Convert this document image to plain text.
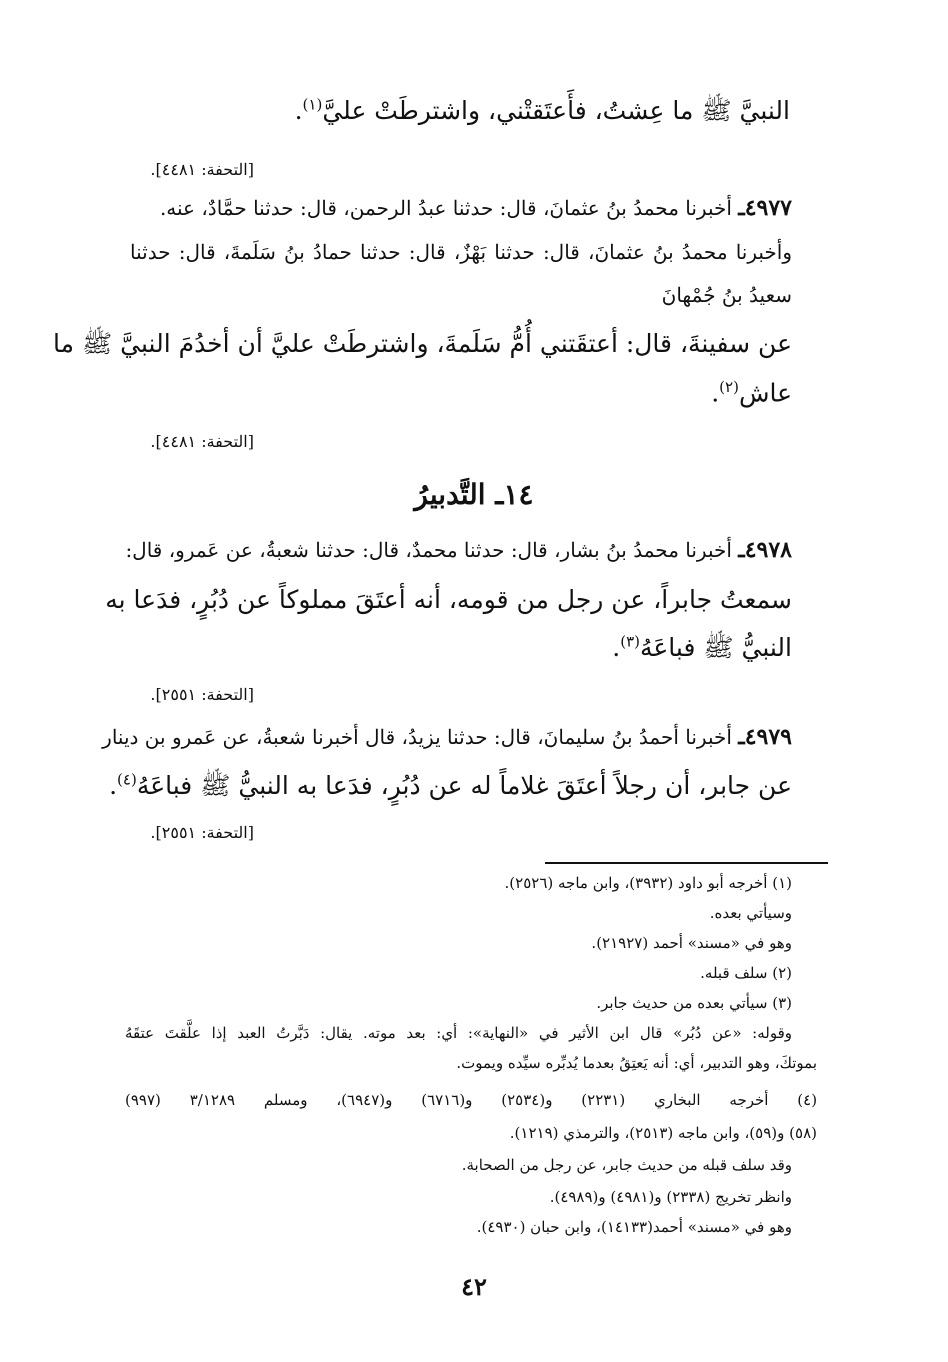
النبيَّ ﷺ ما عِشتُ، فأَعتَقتْني، واشترطَتْ عليَّ$^{(١)}$.
[التحفة: ٤٤٨١].
٤٩٧٧ـ أخبرنا محمدُ بنُ عثمانَ، قال: حدثنا عبدُ الرحمن، قال: حدثنا حمَّادٌ، عنه.
وأخبرنا محمدُ بنُ عثمانَ، قال: حدثنا بَهْزٌ، قال: حدثنا حمادُ بنُ سَلَمةَ، قال: حدثنا
سعيدُ بنُ جُمْهانَ
عن سفينةَ، قال: أعتقَتني أُمُّ سَلَمةَ، واشترطَتْ عليَّ أن أخدُمَ النبيَّ ﷺ ما
عاش$^{(٢)}$.
[التحفة: ٤٤٨١].
١٤ـ التَّدبيرُ
٤٩٧٨ـ أخبرنا محمدُ بنُ بشار، قال: حدثنا محمدٌ، قال: حدثنا شعبةُ، عن عَمرو، قال:
سمعتُ جابراً، عن رجل من قومه، أنه أعتَقَ مملوكاً عن دُبُرٍ، فدَعا به
النبيُّ ﷺ فباعَهُ$^{(٣)}$.
[التحفة: ٢٥٥١].
٤٩٧٩ـ أخبرنا أحمدُ بنُ سليمانَ، قال: حدثنا يزيدُ، قال أخبرنا شعبةُ، عن عَمرو بن دينار
عن جابر، أن رجلاً أعتَقَ غلاماً له عن دُبُرٍ، فدَعا به النبيُّ ﷺ فباعَهُ$^{(٤)}$.
[التحفة: ٢٥٥١].
(١) أخرجه أبو داود (٣٩٣٢)، وابن ماجه (٢٥٢٦).
وسيأتي بعده.
وهو في «مسند» أحمد (٢١٩٢٧).
(٢) سلف قبله.
(٣) سيأتي بعده من حديث جابر.
وقوله: «عن دُبُر» قال ابن الأثير في «النهاية»: أي: بعد موته. يقال: دَبَّرتُ العبد إذا علَّقتَ عتقَهُ
بموتكَ، وهو التدبير، أي: أنه يَعتِقُ بعدما يُدبِّره سيِّده ويموت.
(٤) أخرجه البخاري (٢٢٣١) و(٢٥٣٤) و(٦٧١٦) و(٦٩٤٧)، ومسلم ٣/١٢٨٩ (٩٩٧)
(٥٨) و(٥٩)، وابن ماجه (٢٥١٣)، والترمذي (١٢١٩).
وقد سلف قبله من حديث جابر، عن رجل من الصحابة.
وانظر تخريج (٢٣٣٨) و(٤٩٨١) و(٤٩٨٩).
وهو في «مسند» أحمد(١٤١٣٣)، وابن حبان (٤٩٣٠).
٤٢
